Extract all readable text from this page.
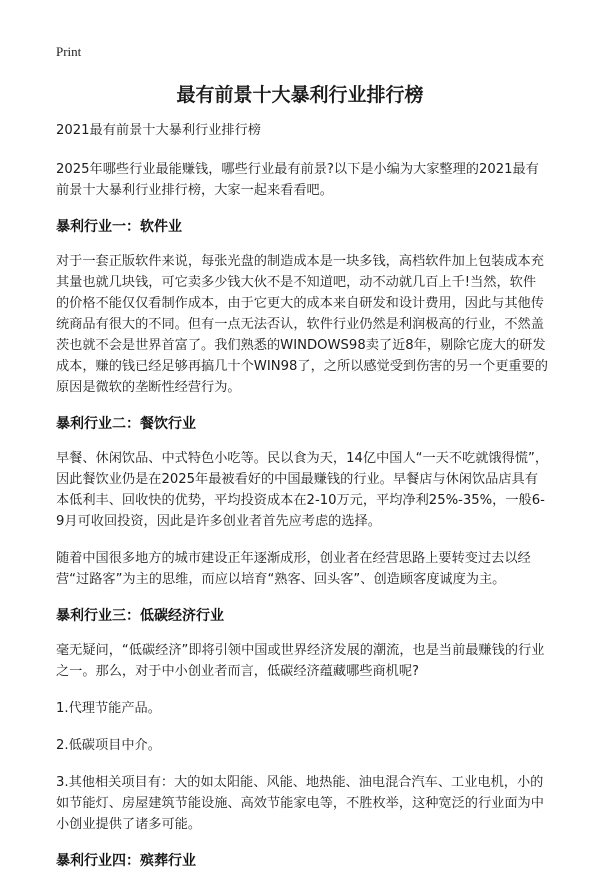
Print
最有前景十大暴利行业排行榜

2021最有前景十大暴利行业排行榜

2025年哪些行业最能赚钱，哪些行业最有前景?以下是小编为大家整理的2021最有前景十大暴利行业排行榜，大家一起来看看吧。

暴利行业一：软件业

对于一套正版软件来说，每张光盘的制造成本是一块多钱，高档软件加上包装成本充其量也就几块钱，可它卖多少钱大伙不是不知道吧，动不动就几百上千!当然，软件的价格不能仅仅看制作成本，由于它更大的成本来自研发和设计费用，因此与其他传统商品有很大的不同。但有一点无法否认，软件行业仍然是利润极高的行业，不然盖茨也就不会是世界首富了。我们熟悉的WINDOWS98卖了近8年，剔除它庞大的研发成本，赚的钱已经足够再搞几十个WIN98了，之所以感觉受到伤害的另一个更重要的原因是微软的垄断性经营行为。

暴利行业二：餐饮行业

早餐、休闲饮品、中式特色小吃等。民以食为天，14亿中国人“一天不吃就饿得慌”，因此餐饮业仍是在2025年最被看好的中国最赚钱的行业。早餐店与休闲饮品店具有本低利丰、回收快的优势，平均投资成本在2-10万元，平均净利25%-35%，一般6-9月可收回投资，因此是许多创业者首先应考虑的选择。

随着中国很多地方的城市建设正年逐渐成形，创业者在经营思路上要转变过去以经营“过路客”为主的思维，而应以培育“熟客、回头客”、创造顾客度诚度为主。

暴利行业三：低碳经济行业

毫无疑问，“低碳经济”即将引领中国或世界经济发展的潮流，也是当前最赚钱的行业之一。那么，对于中小创业者而言，低碳经济蕴藏哪些商机呢?

1.代理节能产品。

2.低碳项目中介。

3.其他相关项目有：大的如太阳能、风能、地热能、油电混合汽车、工业电机，小的如节能灯、房屋建筑节能设施、高效节能家电等，不胜枚举，这种宽泛的行业面为中小创业提供了诸多可能。

暴利行业四：殡葬行业
